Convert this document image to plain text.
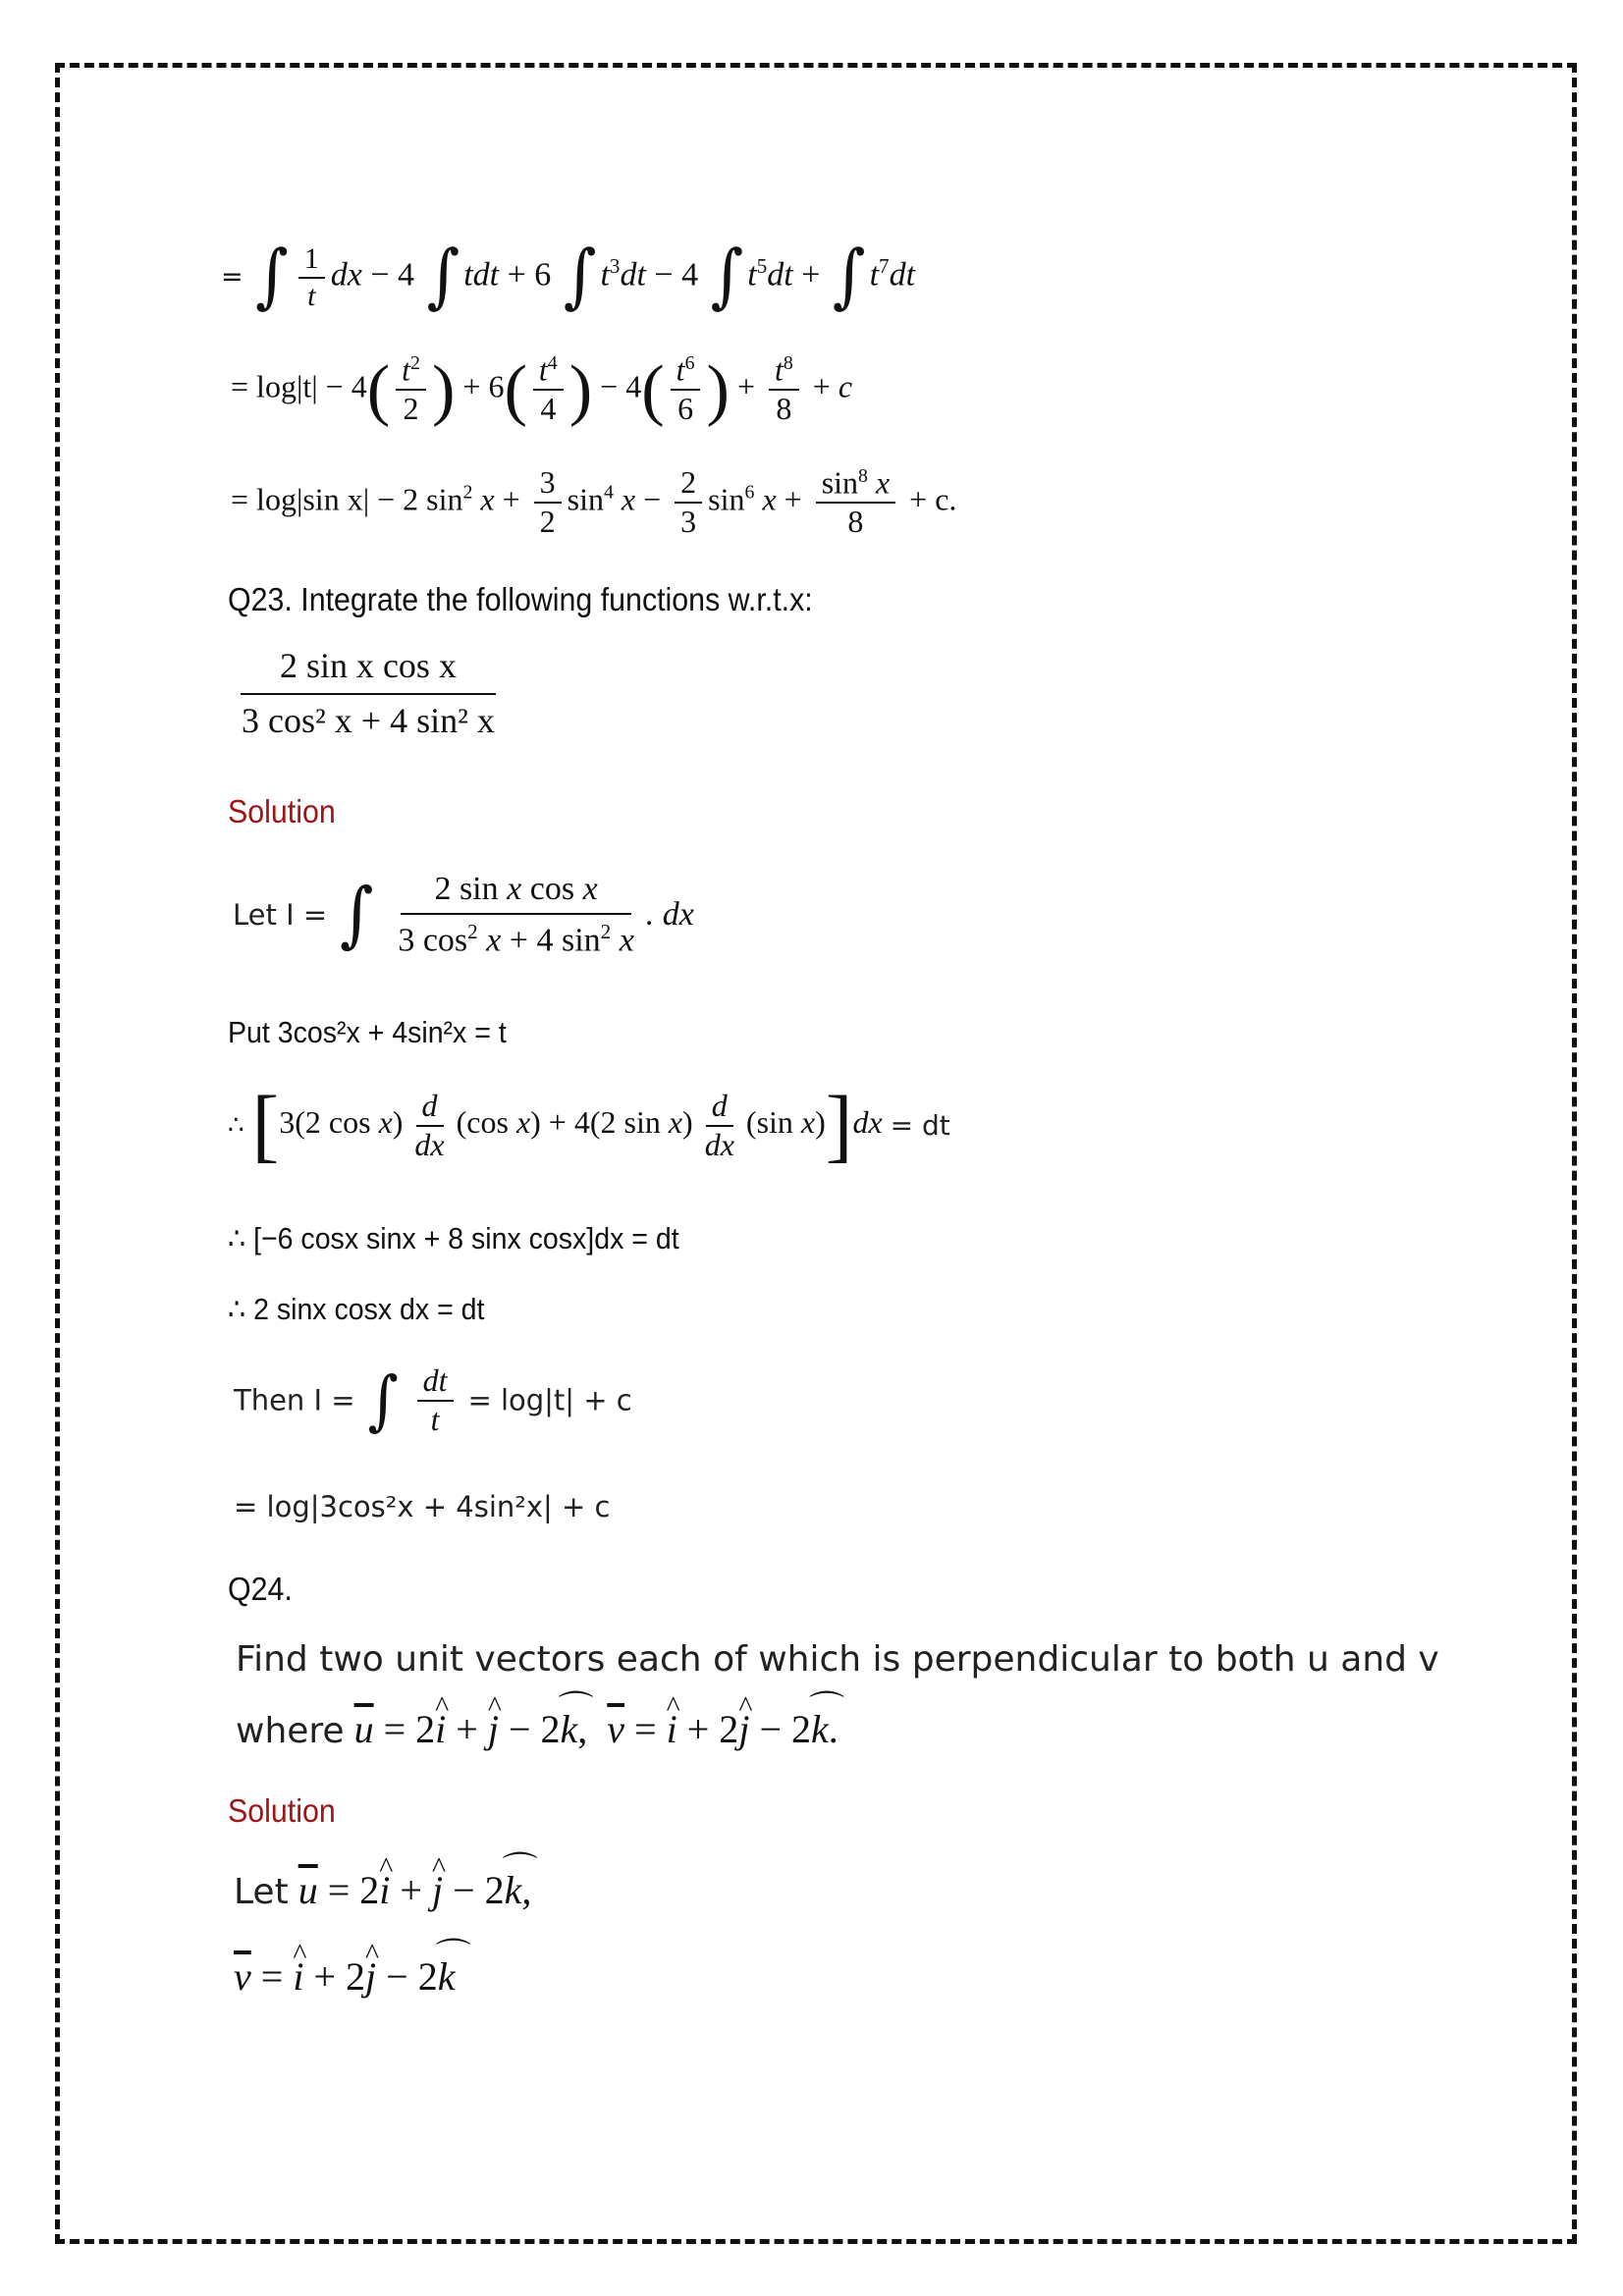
= ∫ $\frac{1}{t}$ dx − 4 ∫ tdt + 6 ∫ $t^3dt - 4$ ∫ $t^5dt$ + ∫ $t^7dt$
= $\log|t| - 4( \frac{t^2}{2}$ ) + $6( \frac{t^4}{4}$ ) − $4( \frac{t^6}{6}$ ) + $\frac{t^8}{8} + c$
= log|sin x| − 2 $\sin^2 x + \frac{3}{2} \sin^4 x - \frac{2}{3} \sin^6 x + \frac{\sin^8 x}{8} + c$.
Q23. Integrate the following functions w.r.t.x:
$\frac{\text{2 sin x cos x}}{\text{3 cos² x + 4 sin² x}}$
Solution
Let I = ∫ $\frac{\text{2 sin x cos x}}{3 \cos^2 x + 4 \sin^2 x}$ . dx
Put 3cos²x + 4sin²x = t
∴ [3(2 $\cos x) \frac{d}{dx} (\cos$ x) + 4(2 $\sin x) \frac{d}{dx} (\sin$ x)]dx = dt
∴ [−6 cosx sinx + 8 sinx cosx]dx = dt
∴ 2 sinx cosx dx = dt
Then I = ∫ $\frac{dt}{t} = \log|t| + c$
= log|3cos²x + 4sin²x| + c
Q24.
Find two unit vectors each of which is perpendicular to both u and v
where $\overline{u}$ = 2^ i + ^ j − 2⌒ k,  $\overline{v}$ = ^ i + 2^ j − 2⌒ k.
Solution
Let $\overline{u}$ = 2^ i + ^ j − 2⌒ k,
$\overline{v}$ = ^ i + 2^ j − 2⌒ k
